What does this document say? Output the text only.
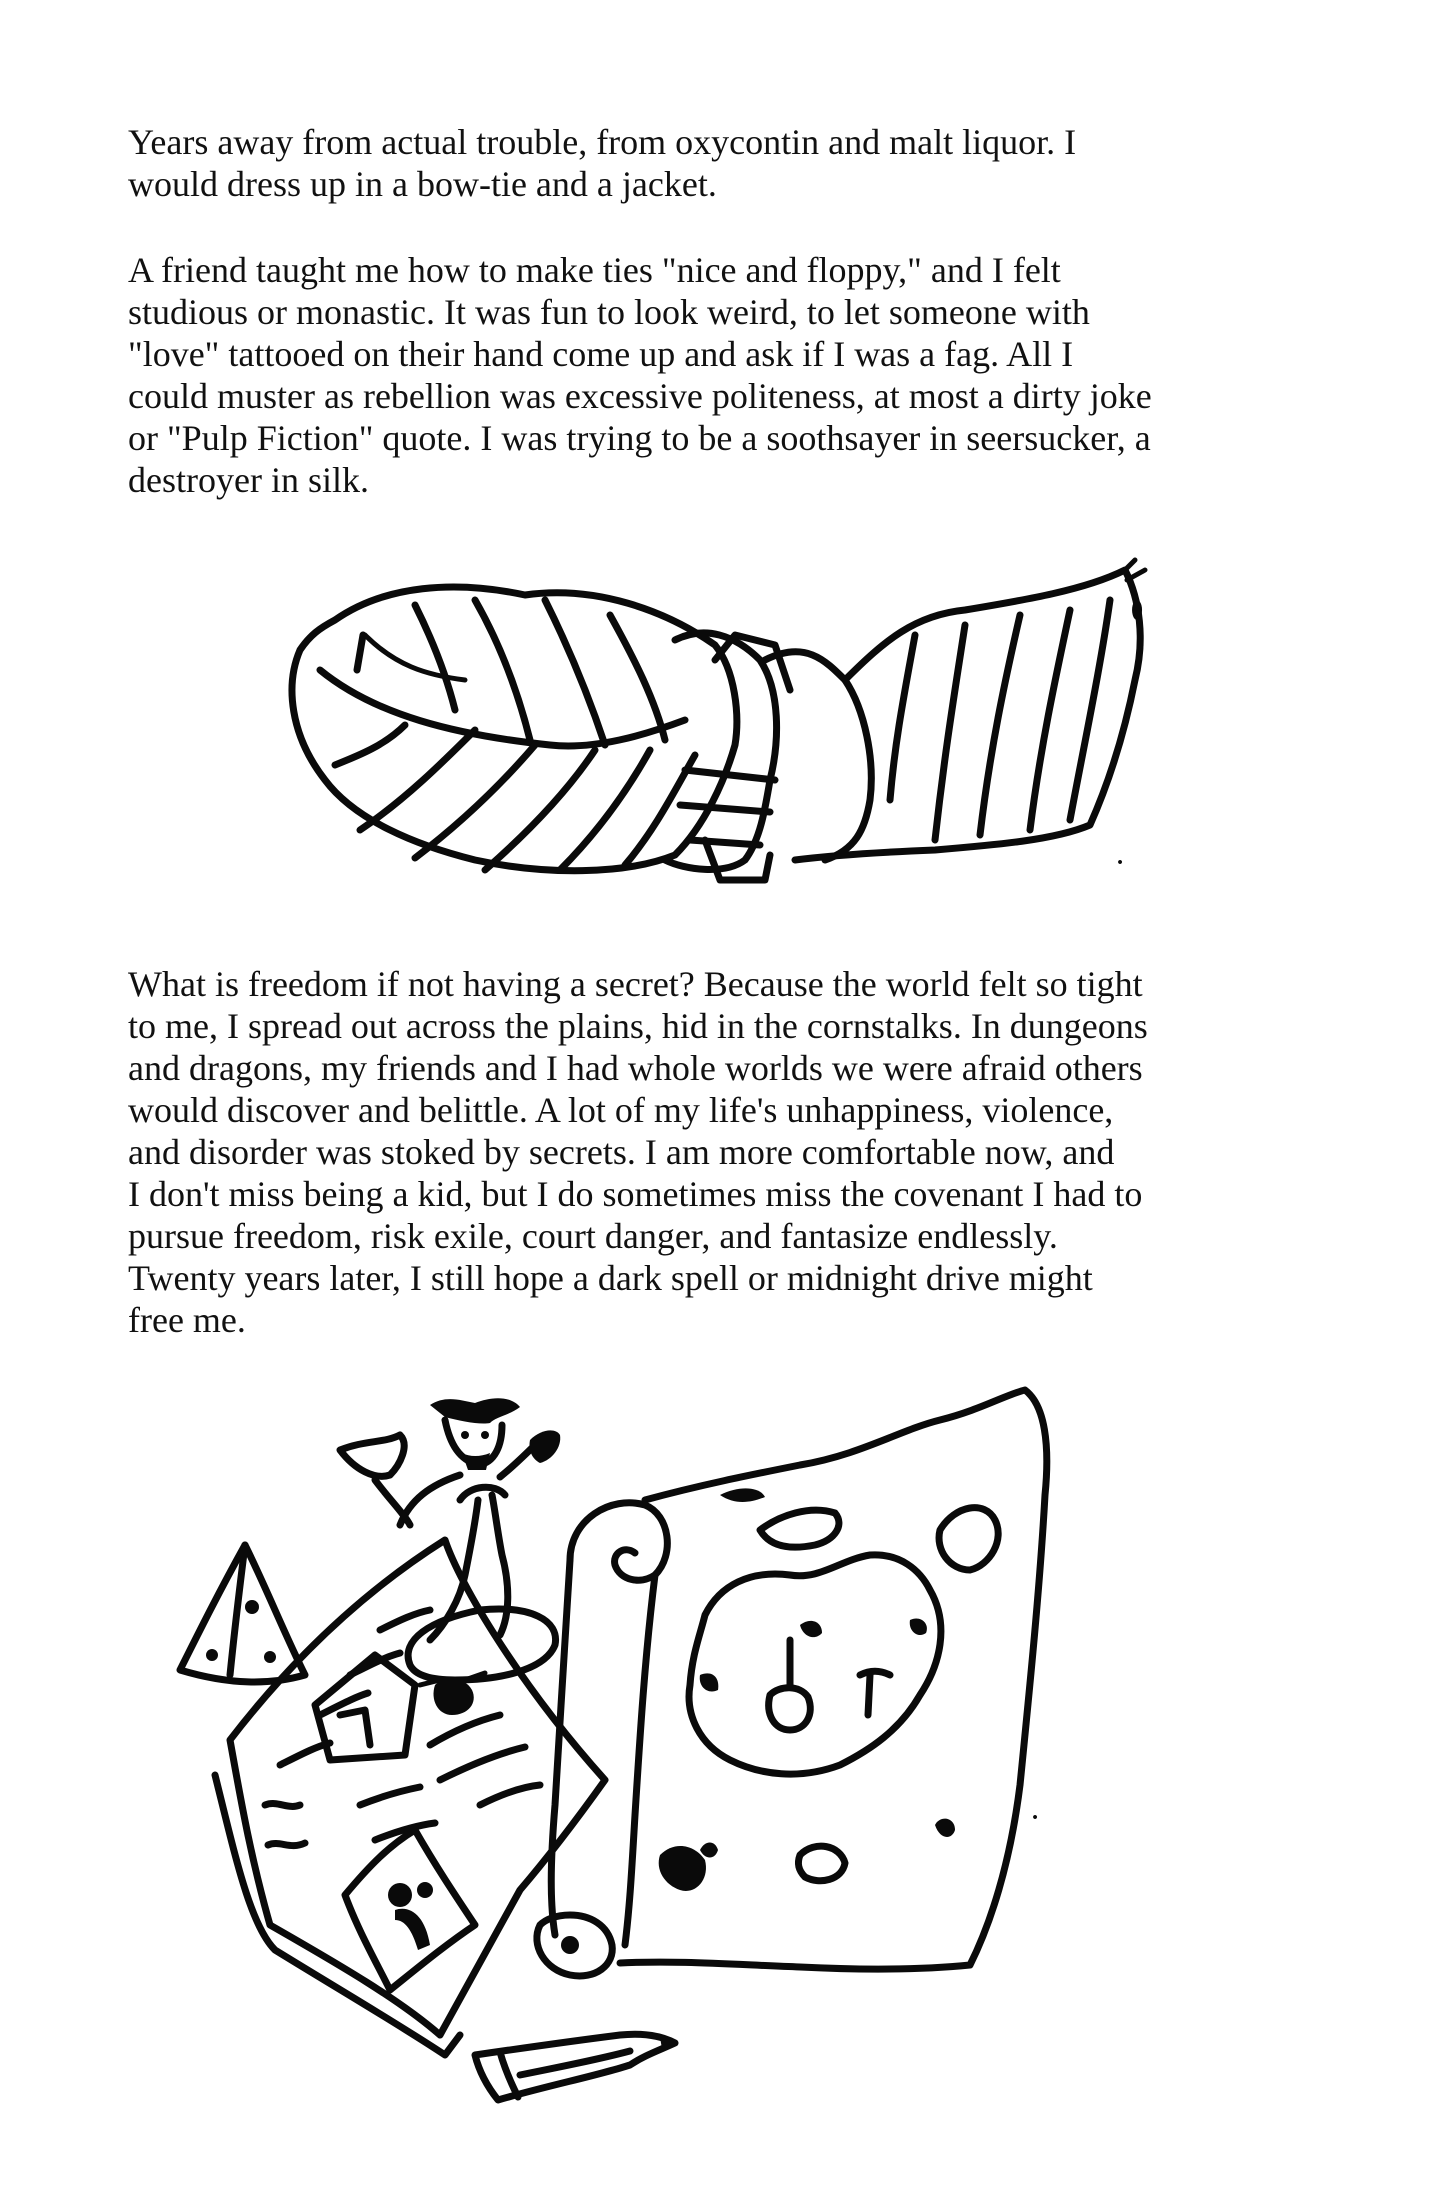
Years away from actual trouble, from oxycontin and malt liquor. I
would dress up in a bow-tie and a jacket.

A friend taught me how to make ties "nice and floppy," and I felt
studious or monastic. It was fun to look weird, to let someone with
"love" tattooed on their hand come up and ask if I was a fag. All I
could muster as rebellion was excessive politeness, at most a dirty joke
or "Pulp Fiction" quote. I was trying to be a soothsayer in seersucker, a
destroyer in silk.

What is freedom if not having a secret? Because the world felt so tight
to me, I spread out across the plains, hid in the cornstalks. In dungeons
and dragons, my friends and I had whole worlds we were afraid others
would discover and belittle. A lot of my life's unhappiness, violence,
and disorder was stoked by secrets. I am more comfortable now, and
I don't miss being a kid, but I do sometimes miss the covenant I had to
pursue freedom, risk exile, court danger, and fantasize endlessly.
Twenty years later, I still hope a dark spell or midnight drive might
free me.
